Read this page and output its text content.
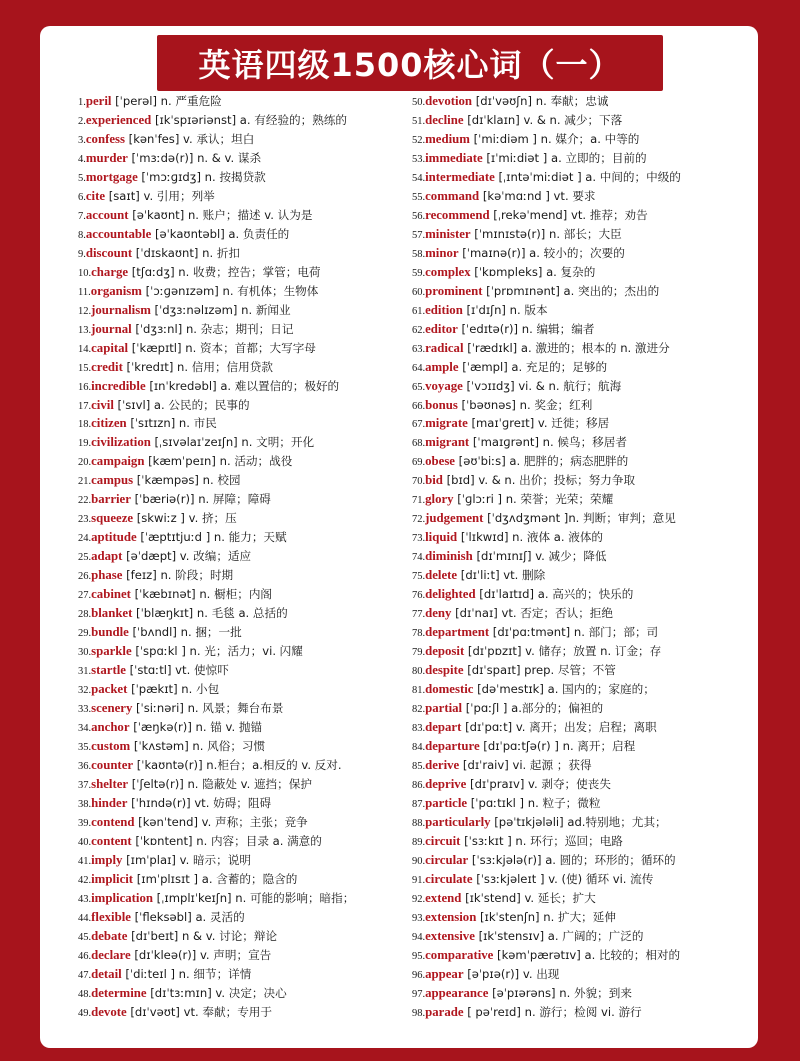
英语四级1500核心词（一）
1.peril [ˈperəl] n. 严重危险
2.experienced [ɪkˈspɪəriənst] a. 有经验的；熟练的
3.confess [kənˈfes] v. 承认；坦白
4.murder [ˈmɜːdə(r)] n. & v. 谋杀
5.mortgage [ˈmɔːɡɪdʒ] n. 按揭贷款
6.cite [saɪt] v. 引用；列举
7.account [əˈkaʊnt] n. 账户；描述 v. 认为是
8.accountable [əˈkaʊntəbl] a. 负责任的
9.discount [ˈdɪskaʊnt] n. 折扣
10.charge [tʃɑːdʒ] n. 收费；控告；掌管；电荷
11.organism [ˈɔːɡənɪzəm] n. 有机体；生物体
12.journalism [ˈdʒɜːnəlɪzəm] n. 新闻业
13.journal [ˈdʒɜːnl] n. 杂志；期刊；日记
14.capital [ˈkæpɪtl] n. 资本；首都；大写字母
15.credit [ˈkredɪt] n. 信用；信用贷款
16.incredible [ɪnˈkredəbl] a. 难以置信的；极好的
17.civil [ˈsɪvl] a. 公民的；民事的
18.citizen [ˈsɪtɪzn] n. 市民
19.civilization [ˌsɪvəlaɪˈzeɪʃn] n. 文明；开化
20.campaign [kæmˈpeɪn] n. 活动；战役
21.campus [ˈkæmpəs] n. 校园
22.barrier [ˈbæriə(r)] n. 屏障；障碍
23.squeeze [skwiːz ] v. 挤；压
24.aptitude [ˈæptɪtjuːd ] n. 能力；天赋
25.adapt [əˈdæpt] v. 改编；适应
26.phase [feɪz] n. 阶段；时期
27.cabinet [ˈkæbɪnət] n. 橱柜；内阁
28.blanket [ˈblæŋkɪt] n. 毛毯 a. 总括的
29.bundle [ˈbʌndl] n. 捆；一批
30.sparkle [ˈspɑːkl ] n. 光；活力；vi. 闪耀
31.startle [ˈstɑːtl] vt. 使惊吓
32.packet [ˈpækɪt] n. 小包
33.scenery [ˈsiːnəri] n. 风景；舞台布景
34.anchor [ˈæŋkə(r)] n. 锚 v. 抛锚
35.custom [ˈkʌstəm] n. 风俗；习惯
36.counter [ˈkaʊntə(r)] n.柜台；a.相反的 v. 反对.
37.shelter [ˈʃeltə(r)] n. 隐蔽处 v. 遮挡；保护
38.hinder [ˈhɪndə(r)] vt. 妨碍；阻碍
39.contend [kənˈtend] v. 声称；主张；竞争
40.content [ˈkɒntent] n. 内容；目录 a. 满意的
41.imply [ɪmˈplaɪ] v. 暗示；说明
42.implicit [ɪmˈplɪsɪt ] a. 含蓄的；隐含的
43.implication [ˌɪmplɪˈkeɪʃn] n. 可能的影响；暗指；
44.flexible [ˈfleksəbl] a. 灵活的
45.debate [dɪˈbeɪt] n & v. 讨论；辩论
46.declare [dɪˈkleə(r)] v. 声明；宣告
47.detail [ˈdiːteɪl ] n. 细节；详情
48.determine [dɪˈtɜːmɪn] v. 决定；决心
49.devote [dɪˈvəʊt] vt. 奉献；专用于
50.devotion [dɪˈvəʊʃn] n. 奉献；忠诚
51.decline [dɪˈklaɪn] v. & n. 减少；下落
52.medium [ˈmiːdiəm ] n. 媒介；a. 中等的
53.immediate [ɪˈmiːdiət ] a. 立即的；目前的
54.intermediate [ˌɪntəˈmiːdiət ] a. 中间的；中级的
55.command [kəˈmɑːnd ] vt. 要求
56.recommend [ˌrekəˈmend] vt. 推荐；劝告
57.minister [ˈmɪnɪstə(r)] n. 部长；大臣
58.minor [ˈmaɪnə(r)] a. 较小的；次要的
59.complex [ˈkɒmpleks] a. 复杂的
60.prominent [ˈprɒmɪnənt] a. 突出的；杰出的
61.edition [ɪˈdɪʃn] n. 版本
62.editor [ˈedɪtə(r)] n. 编辑；编者
63.radical [ˈrædɪkl] a. 激进的；根本的 n. 激进分
64.ample [ˈæmpl] a. 充足的；足够的
65.voyage [ˈvɔɪɪdʒ] vi. & n. 航行；航海
66.bonus [ˈbəʊnəs] n. 奖金；红利
67.migrate [maɪˈɡreɪt] v. 迁徙；移居
68.migrant [ˈmaɪɡrənt] n. 候鸟；移居者
69.obese [əʊˈbiːs] a. 肥胖的；病态肥胖的
70.bid [bɪd] v. & n. 出价；投标；努力争取
71.glory [ˈɡlɔːri ] n. 荣誉；光荣；荣耀
72.judgement [ˈdʒʌdʒmənt ]n. 判断；审判；意见
73.liquid [ˈlɪkwɪd] n. 液体 a. 液体的
74.diminish [dɪˈmɪnɪʃ] v. 减少；降低
75.delete [dɪˈliːt] vt. 删除
76.delighted [dɪˈlaɪtɪd] a. 高兴的；快乐的
77.deny [dɪˈnaɪ] vt. 否定；否认；拒绝
78.department [dɪˈpɑːtmənt] n. 部门；部；司
79.deposit [dɪˈpɒzɪt] v. 储存；放置 n. 订金；存
80.despite [dɪˈspaɪt] prep. 尽管；不管
81.domestic [dəˈmestɪk] a. 国内的；家庭的；
82.partial [ˈpɑːʃl ] a.部分的；偏袒的
83.depart [dɪˈpɑːt] v. 离开；出发；启程；离职
84.departure [dɪˈpɑːtʃə(r) ] n. 离开；启程
85.derive [dɪˈraiv] vi. 起源 ；获得
86.deprive [dɪˈpraɪv] v. 剥夺；使丧失
87.particle [ˈpɑːtɪkl ] n. 粒子；微粒
88.particularly [pəˈtɪkjələli] ad.特别地；尤其；
89.circuit [ˈsɜːkɪt ] n. 环行；巡回；电路
90.circular [ˈsɜːkjələ(r)] a. 圆的；环形的；循环的
91.circulate [ˈsɜːkjəleɪt ] v. (使) 循环 vi. 流传
92.extend [ɪkˈstend] v. 延长；扩大
93.extension [ɪkˈstenʃn] n. 扩大；延伸
94.extensive [ɪkˈstensɪv] a. 广阔的；广泛的
95.comparative [kəmˈpærətɪv] a. 比较的；相对的
96.appear [əˈpɪə(r)] v. 出现
97.appearance [əˈpɪərəns] n. 外貌；到来
98.parade [ pəˈreɪd] n. 游行；检阅 vi. 游行
